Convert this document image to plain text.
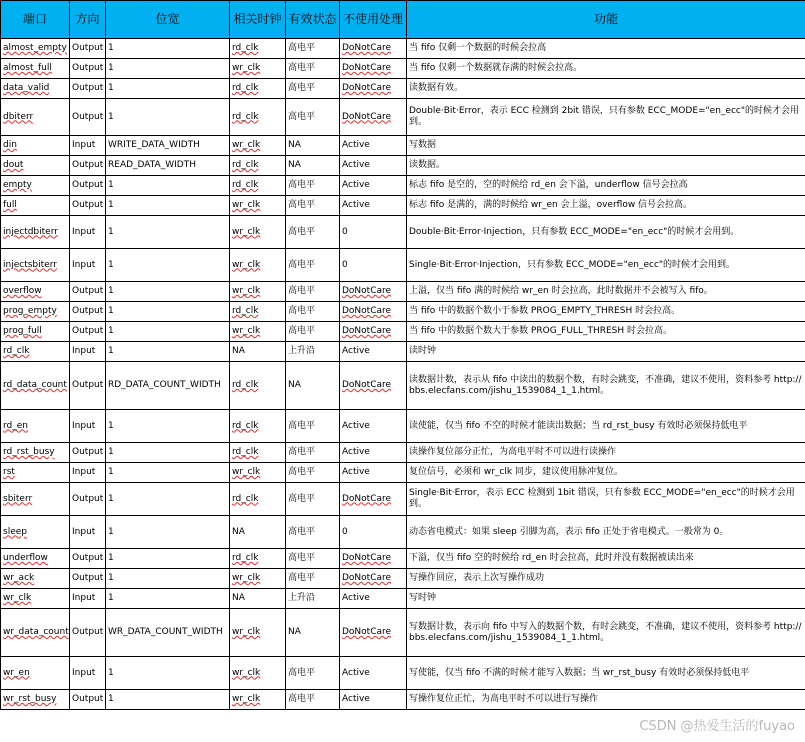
端口	方向	位宽	相关时钟	有效状态	不使用处理	功能
almost_empty	Output	1	rd_clk	高电平	DoNotCare	当 fifo 仅剩一个数据的时候会拉高
almost_full	Output	1	wr_clk	高电平	DoNotCare	当 fifo 仅剩一个数据就存满的时候会拉高。
data_valid	Output	1	rd_clk	高电平	DoNotCare	读数据有效。
dbiterr	Output	1	rd_clk	高电平	DoNotCare	Double·Bit·Error，表示 ECC 检测到 2bit 错误，只有参数 ECC_MODE="en_ecc"的时候才会用到。
din	Input	WRITE_DATA_WIDTH	wr_clk	NA	Active	写数据
dout	Output	READ_DATA_WIDTH	rd_clk	NA	Active	读数据。
empty	Output	1	rd_clk	高电平	Active	标志 fifo 是空的，空的时候给 rd_en 会下溢，underflow 信号会拉高
full	Output	1	wr_clk	高电平	Active	标志 fifo 是满的，满的时候给 wr_en 会上溢，overflow 信号会拉高。
injectdbiterr	Input	1	wr_clk	高电平	0	Double·Bit·Error·Injection，只有参数 ECC_MODE="en_ecc"的时候才会用到。
injectsbiterr	Input	1	wr_clk	高电平	0	Single·Bit·Error·Injection，只有参数 ECC_MODE="en_ecc"的时候才会用到。
overflow	Output	1	wr_clk	高电平	DoNotCare	上溢，仅当 fifo 满的时候给 wr_en 时会拉高，此时数据并不会被写入 fifo。
prog_empty	Output	1	rd_clk	高电平	DoNotCare	当 fifo 中的数据个数小于参数 PROG_EMPTY_THRESH 时会拉高。
prog_full	Output	1	wr_clk	高电平	DoNotCare	当 fifo 中的数据个数大于参数 PROG_FULL_THRESH 时会拉高。
rd_clk	Input	1	NA	上升沿	Active	读时钟
rd_data_count	Output	RD_DATA_COUNT_WIDTH	rd_clk	NA	DoNotCare	读数据计数，表示从 fifo 中读出的数据个数，有时会跳变，不准确，建议不使用，资料参考 http://bbs.elecfans.com/jishu_1539084_1_1.html。
rd_en	Input	1	rd_clk	高电平	Active	读使能，仅当 fifo 不空的时候才能读出数据；当 rd_rst_busy 有效时必须保持低电平
rd_rst_busy	Output	1	rd_clk	高电平	Active	读操作复位部分正忙，为高电平时不可以进行读操作
rst	Input	1	wr_clk	高电平	Active	复位信号，必须和 wr_clk 同步，建议使用脉冲复位。
sbiterr	Output	1	rd_clk	高电平	DoNotCare	Single·Bit·Error，表示 ECC 检测到 1bit 错误，只有参数 ECC_MODE="en_ecc"的时候才会用到。
sleep	Input	1	NA	高电平	0	动态省电模式：如果 sleep 引脚为高，表示 fifo 正处于省电模式。一般常为 0。
underflow	Output	1	rd_clk	高电平	DoNotCare	下溢，仅当 fifo 空的时候给 rd_en 时会拉高，此时并没有数据被读出来
wr_ack	Output	1	wr_clk	高电平	DoNotCare	写操作回应，表示上次写操作成功
wr_clk	Input	1	NA	上升沿	Active	写时钟
wr_data_count	Output	WR_DATA_COUNT_WIDTH	wr_clk	NA	DoNotCare	写数据计数，表示向 fifo 中写入的数据个数，有时会跳变，不准确，建议不使用，资料参考 http://bbs.elecfans.com/jishu_1539084_1_1.html。
wr_en	Input	1	wr_clk	高电平	Active	写使能，仅当 fifo 不满的时候才能写入数据；当 wr_rst_busy 有效时必须保持低电平
wr_rst_busy	Output	1	wr_clk	高电平	Active	写操作复位正忙，为高电平时不可以进行写操作
CSDN @热爱生活的fuyao
